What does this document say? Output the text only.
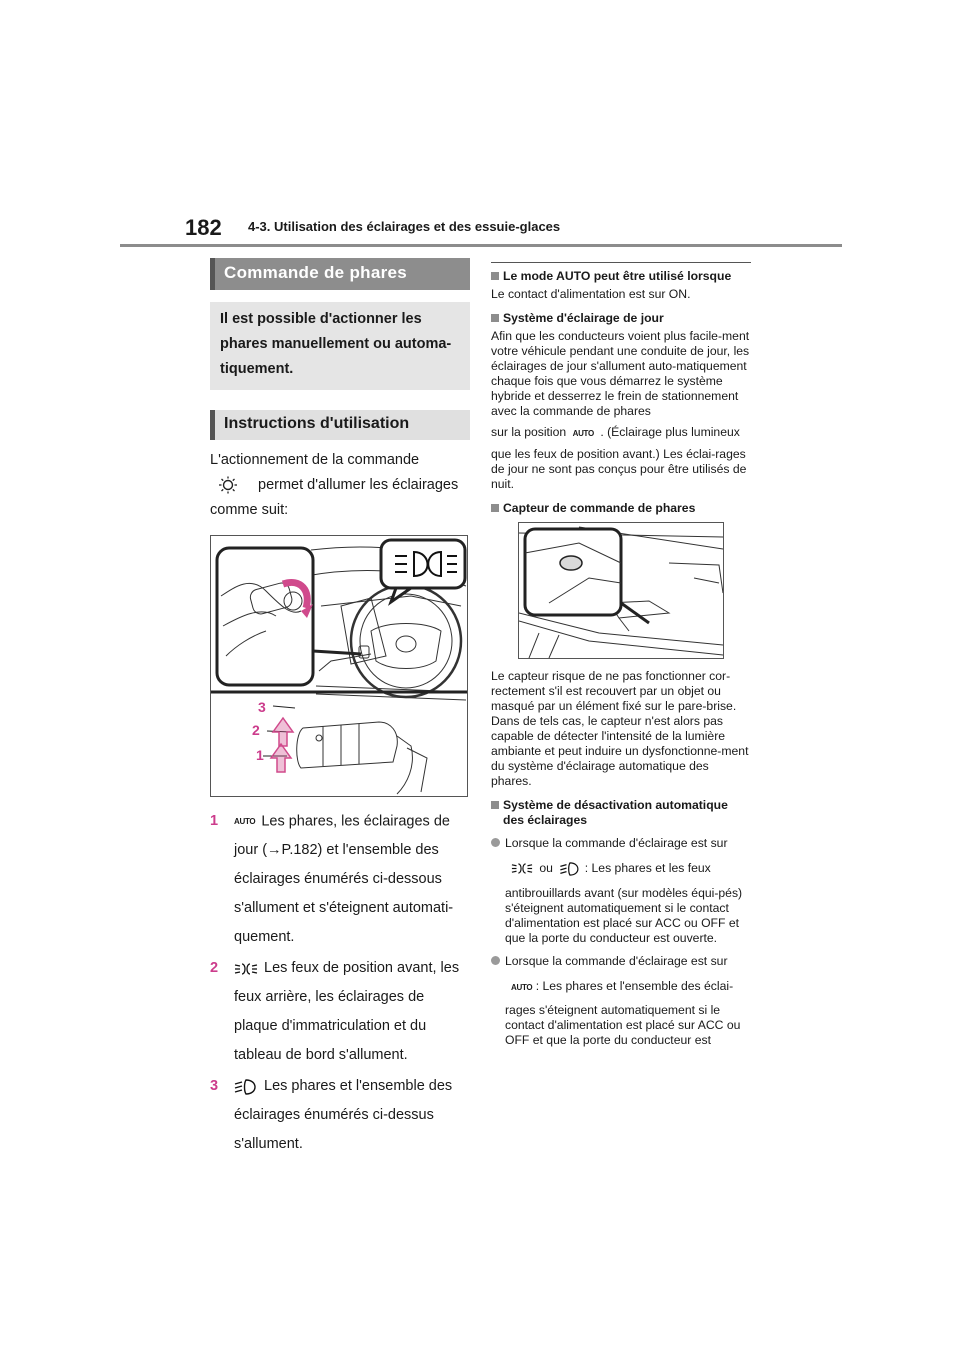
182 4-3. Utilisation des éclairages et des essuie-glaces
Commande de phares
Il est possible d'actionner les phares manuellement ou automa-tiquement.
Instructions d'utilisation
L'actionnement de la commande
permet d'allumer les éclairages
comme suit:
3
2
1
1 AUTO Les phares, les éclairages de

jour (→P.182) et l'ensemble des

éclairages énumérés ci-dessous

s'allument et s'éteignent automati-

quement.

2	Les feux de position avant, les

feux arrière, les éclairages de

plaque d'immatriculation et du

tableau de bord s'allument.

3	Les phares et l'ensemble des

éclairages énumérés ci-dessus

s'allument.

Le mode AUTO peut être utilisé lorsque
Le contact d'alimentation est sur ON.
Système d'éclairage de jour
Afin que les conducteurs voient plus facile-ment votre véhicule pendant une conduite de jour, les éclairages de jour s'allument auto-matiquement chaque fois que vous démarrez le système hybride et desserrez le frein de stationnement avec la commande de phares
sur la position AUTO . (Éclairage plus lumineux
que les feux de position avant.) Les éclai-rages de jour ne sont pas conçus pour être utilisés de nuit.
Capteur de commande de phares
Le capteur risque de ne pas fonctionner cor-rectement s'il est recouvert par un objet ou masqué par un élément fixé sur le pare-brise. Dans de tels cas, le capteur n'est alors pas capable de détecter l'intensité de la lumière ambiante et peut induire un dysfonctionne-ment du système d'éclairage automatique des phares.
Système de désactivation automatique des éclairages
Lorsque la commande d'éclairage est sur
ou	: Les phares et les feux
antibrouillards avant (sur modèles équi-pés) s'éteignent automatiquement si le contact d'alimentation est placé sur ACC ou OFF et que la porte du conducteur est ouverte.
Lorsque la commande d'éclairage est sur
AUTO : Les phares et l'ensemble des éclai-
rages s'éteignent automatiquement si le contact d'alimentation est placé sur ACC ou OFF et que la porte du conducteur est
